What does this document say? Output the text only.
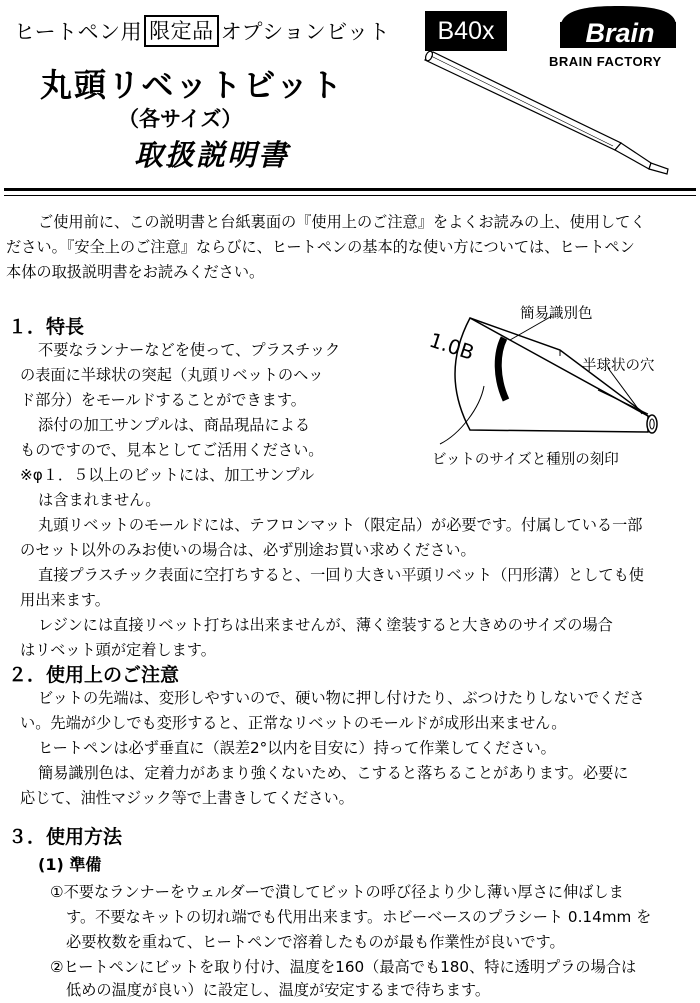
ヒートペン用 限定品 オプションビット	B40x	Brain
BRAIN FACTORY
丸頭リベットビット
（各サイズ）
取扱説明書
ご使用前に、この説明書と台紙裏面の『使用上のご注意』をよくお読みの上、使用してく
ださい。『安全上のご注意』ならびに、ヒートペンの基本的な使い方については、ヒートペン
本体の取扱説明書をお読みください。
１．特長
不要なランナーなどを使って、プラスチック
の表面に半球状の突起（丸頭リベットのヘッ
ド部分）をモールドすることができます。
添付の加工サンプルは、商品現品による
ものですので、見本としてご活用ください。
※φ１．５以上のビットには、加工サンプル
は含まれません。
丸頭リベットのモールドには、テフロンマット（限定品）が必要です。付属している一部
のセット以外のみお使いの場合は、必ず別途お買い求めください。
直接プラスチック表面に空打ちすると、一回り大きい平頭リベット（円形溝）としても使
用出来ます。
レジンには直接リベット打ちは出来ませんが、薄く塗装すると大きめのサイズの場合
はリベット頭が定着します。
1.0B
簡易識別色
半球状の穴
ビットのサイズと種別の刻印
２．使用上のご注意
ビットの先端は、変形しやすいので、硬い物に押し付けたり、ぶつけたりしないでくださ
い。先端が少しでも変形すると、正常なリベットのモールドが成形出来ません。
ヒートペンは必ず垂直に（誤差2°以内を目安に）持って作業してください。
簡易識別色は、定着力があまり強くないため、こすると落ちることがあります。必要に
応じて、油性マジック等で上書きしてください。
３．使用方法
(1) 準備
①不要なランナーをウェルダーで潰してビットの呼び径より少し薄い厚さに伸ばしま
す。不要なキットの切れ端でも代用出来ます。ホビーベースのプラシート 0.14mm を
必要枚数を重ねて、ヒートペンで溶着したものが最も作業性が良いです。
②ヒートペンにビットを取り付け、温度を160（最高でも180、特に透明プラの場合は
低めの温度が良い）に設定し、温度が安定するまで待ちます。
